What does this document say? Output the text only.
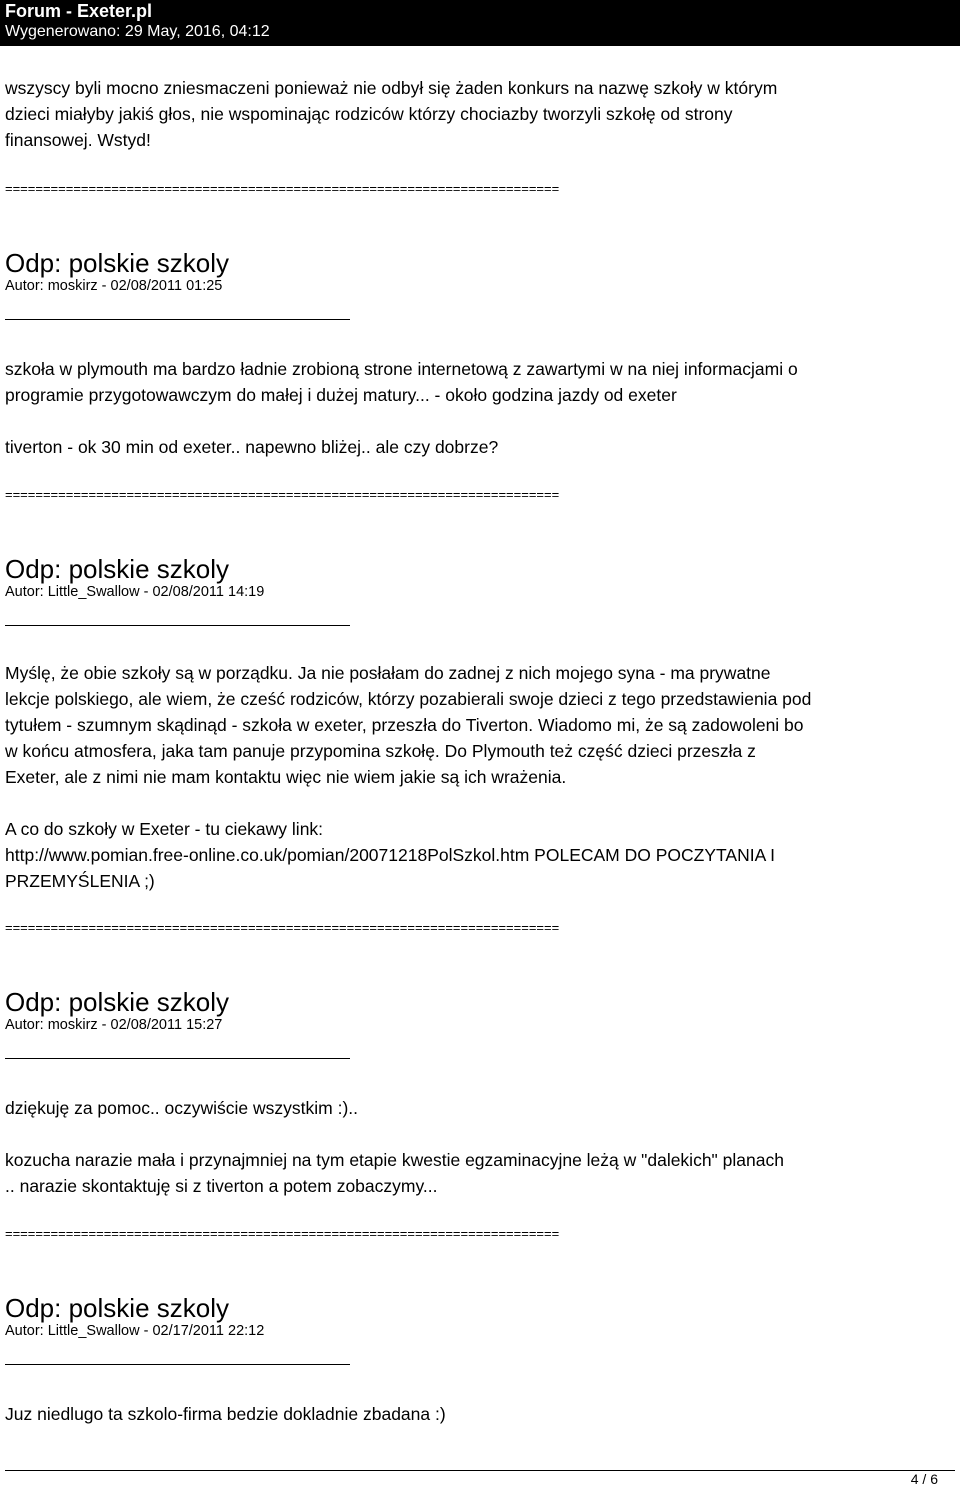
Forum - Exeter.pl
Wygenerowano: 29 May, 2016, 04:12

wszyscy byli mocno zniesmaczeni ponieważ nie odbył się żaden konkurs na nazwę szkoły w którym

dzieci miałyby jakiś głos, nie wspominając rodziców którzy chociazby tworzyli szkołę od strony

finansowej. Wstyd!

=========================================================================
Odp: polskie szkoly
Autor: moskirz - 02/08/2011 01:25

szkoła w plymouth ma bardzo ładnie zrobioną strone internetową z zawartymi w na niej informacjami o

programie przygotowawczym do małej i dużej matury... - około godzina jazdy od exeter

tiverton - ok 30 min od exeter.. napewno bliżej.. ale czy dobrze?

=========================================================================
Odp: polskie szkoly
Autor: Little_Swallow - 02/08/2011 14:19

Myślę, że obie szkoły są w porządku. Ja nie posłałam do zadnej z nich mojego syna - ma prywatne

lekcje polskiego, ale wiem, że cześć rodziców, którzy pozabierali swoje dzieci z tego przedstawienia pod

tytułem - szumnym skądinąd - szkoła w exeter, przeszła do Tiverton. Wiadomo mi, że są zadowoleni bo

w końcu atmosfera, jaka tam panuje przypomina szkołę. Do Plymouth też część dzieci przeszła z

Exeter, ale z nimi nie mam kontaktu więc nie wiem jakie są ich wrażenia.

A co do szkoły w Exeter - tu ciekawy link:

http://www.pomian.free-online.co.uk/pomian/20071218PolSzkol.htm POLECAM DO POCZYTANIA I

PRZEMYŚLENIA ;)

=========================================================================
Odp: polskie szkoly
Autor: moskirz - 02/08/2011 15:27

dziękuję za pomoc.. oczywiście wszystkim :)..

kozucha narazie mała i przynajmniej na tym etapie kwestie egzaminacyjne leżą w "dalekich" planach

.. narazie skontaktuję si z tiverton a potem zobaczymy...

=========================================================================
Odp: polskie szkoly
Autor: Little_Swallow - 02/17/2011 22:12

Juz niedlugo ta szkolo-firma bedzie dokladnie zbadana :)

4 / 6
